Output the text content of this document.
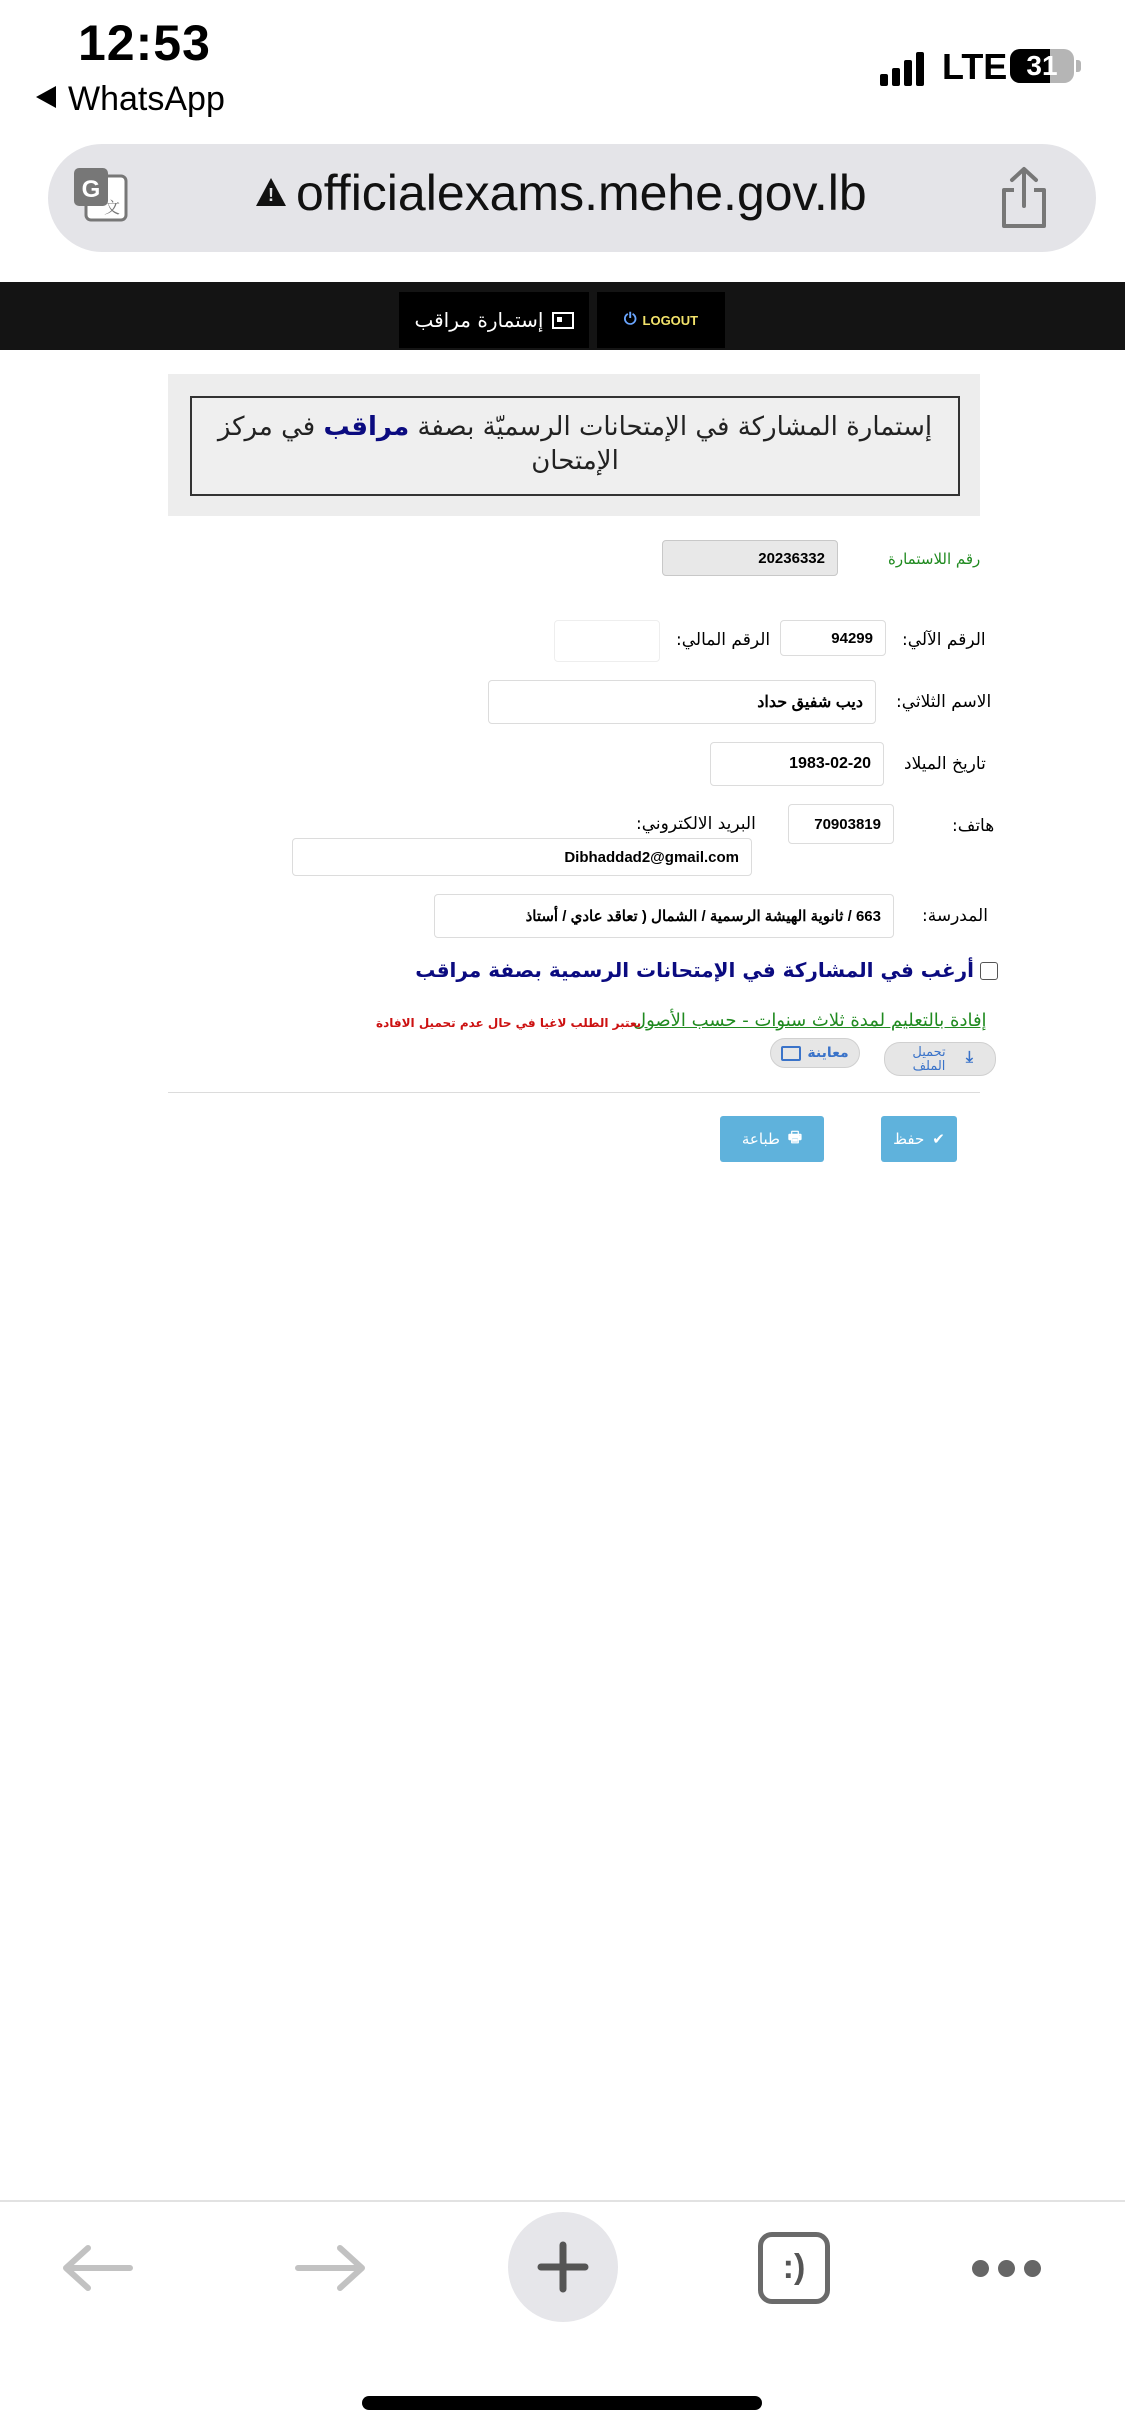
12:53
WhatsApp
LTE 31
G
文
!	officialexams.mehe.gov.lb
إستمارة مراقب	⏻ LOGOUT
إستمارة المشاركة في الإمتحانات الرسميّة بصفة مراقب في مركز الإمتحان
رقم اللاستمارة
20236332
الرقم الآلي:
94299
الرقم المالي:
الاسم الثلاثي:
ديب شفيق حداد
تاريخ الميلاد
1983-02-20
هاتف:
70903819
البريد الالكتروني:
Dibhaddad2@gmail.com
المدرسة:
663 / ثانوية الهيشة الرسمية / الشمال ( تعاقد عادي / أستاذ
أرغب في المشاركة في الإمتحانات الرسمية بصفة مراقب
إفادة بالتعليم لمدة ثلاث سنوات - حسب الأصول
يعتبر الطلب لاغيا في حال عدم تحميل الافادة
⤓
تحميل الملف
معاينة
حفظ ✔
طباعة 🖶
:)
